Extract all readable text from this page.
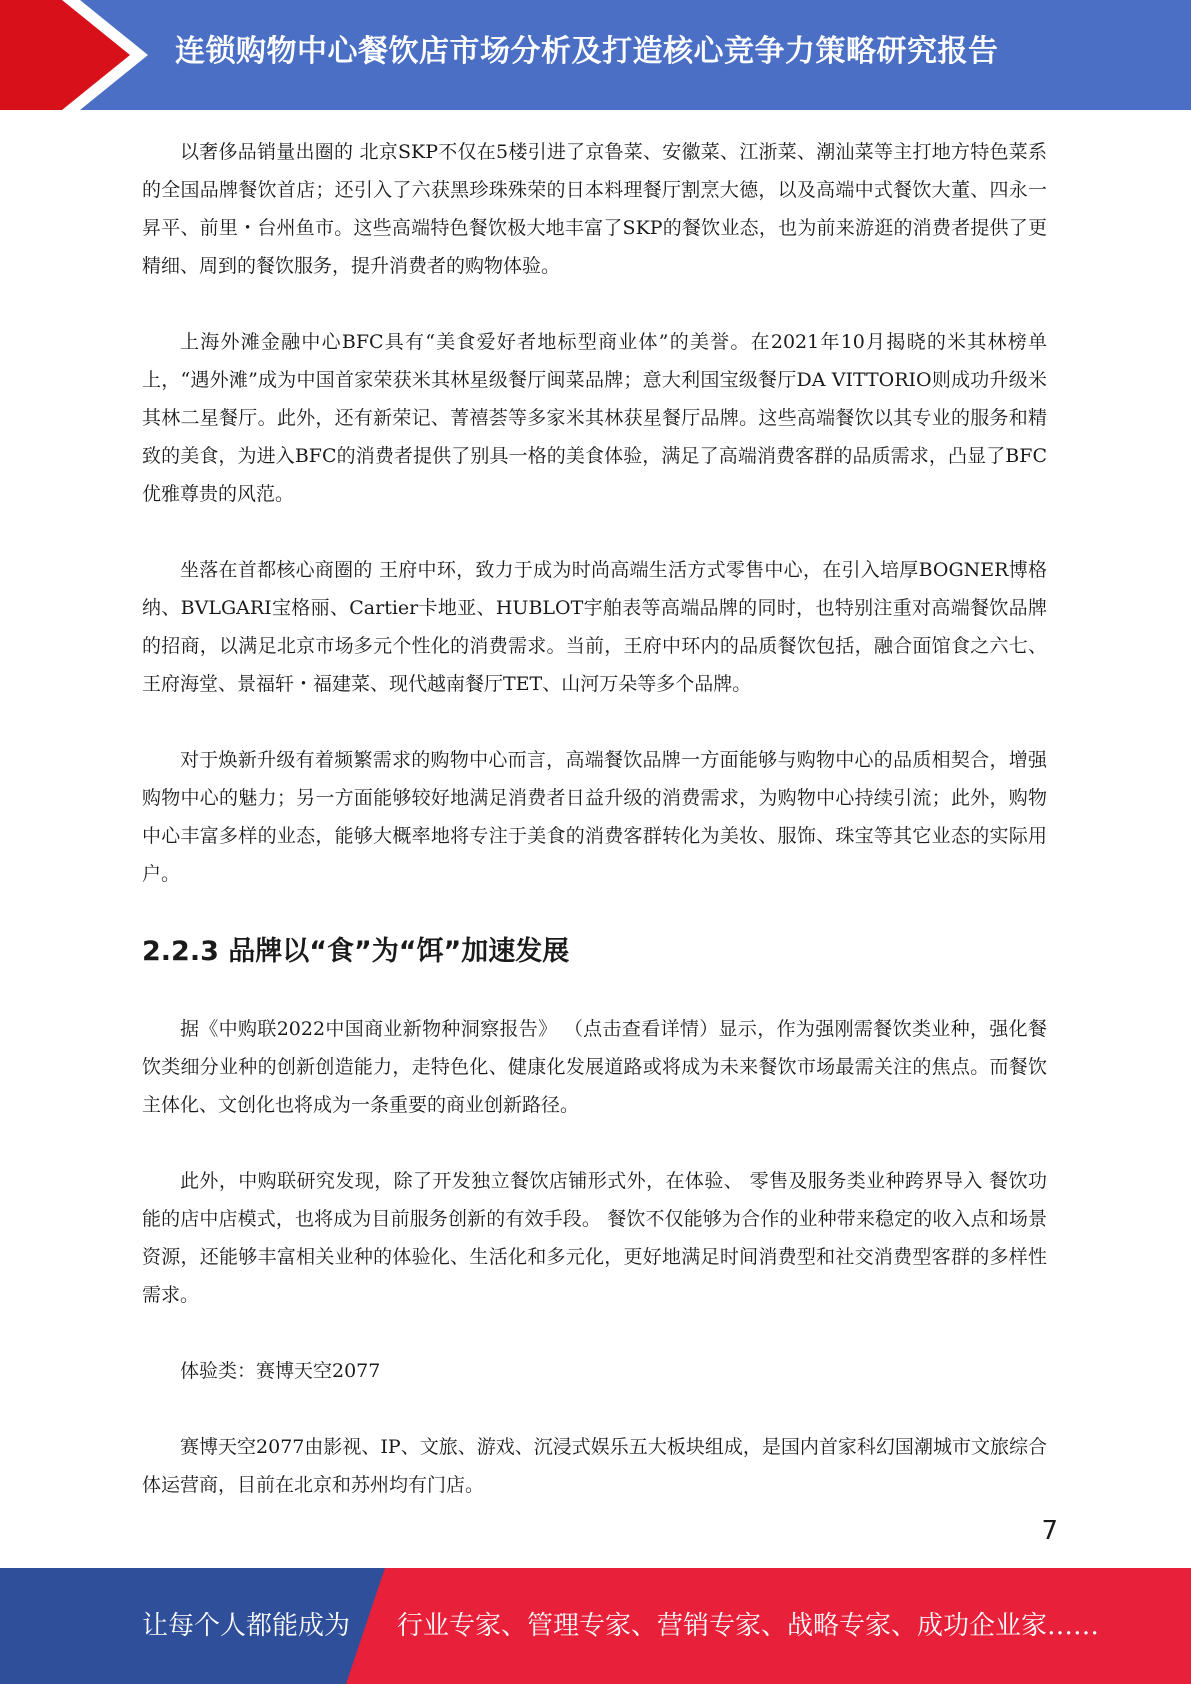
连锁购物中心餐饮店市场分析及打造核心竞争力策略研究报告

以奢侈品销量出圈的 北京SKP不仅在5楼引进了京鲁菜、安徽菜、江浙菜、潮汕菜等主打地方特色菜系的全国品牌餐饮首店；还引入了六获黑珍珠殊荣的日本料理餐厅割烹大德，以及高端中式餐饮大董、四永一昇平、前里・台州鱼市。这些高端特色餐饮极大地丰富了SKP的餐饮业态，也为前来游逛的消费者提供了更精细、周到的餐饮服务，提升消费者的购物体验。

上海外滩金融中心BFC具有“美食爱好者地标型商业体”的美誉。在2021年10月揭晓的米其林榜单上，“遇外滩”成为中国首家荣获米其林星级餐厅闽菜品牌；意大利国宝级餐厅DA VITTORIO则成功升级米其林二星餐厅。此外，还有新荣记、菁禧荟等多家米其林获星餐厅品牌。这些高端餐饮以其专业的服务和精致的美食，为进入BFC的消费者提供了别具一格的美食体验，满足了高端消费客群的品质需求，凸显了BFC优雅尊贵的风范。

坐落在首都核心商圈的 王府中环，致力于成为时尚高端生活方式零售中心，在引入培厚BOGNER博格纳、BVLGARI宝格丽、Cartier卡地亚、HUBLOT宇舶表等高端品牌的同时，也特别注重对高端餐饮品牌的招商，以满足北京市场多元个性化的消费需求。当前，王府中环内的品质餐饮包括，融合面馆食之六七、王府海堂、景福轩・福建菜、现代越南餐厅TET、山河万朵等多个品牌。

对于焕新升级有着频繁需求的购物中心而言，高端餐饮品牌一方面能够与购物中心的品质相契合，增强购物中心的魅力；另一方面能够较好地满足消费者日益升级的消费需求，为购物中心持续引流；此外，购物中心丰富多样的业态，能够大概率地将专注于美食的消费客群转化为美妆、服饰、珠宝等其它业态的实际用户。

2.2.3 品牌以“食”为“饵”加速发展

据《中购联2022中国商业新物种洞察报告》 （点击查看详情）显示，作为强刚需餐饮类业种，强化餐饮类细分业种的创新创造能力，走特色化、健康化发展道路或将成为未来餐饮市场最需关注的焦点。而餐饮主体化、文创化也将成为一条重要的商业创新路径。

此外，中购联研究发现，除了开发独立餐饮店铺形式外，在体验、 零售及服务类业种跨界导入 餐饮功能的店中店模式，也将成为目前服务创新的有效手段。 餐饮不仅能够为合作的业种带来稳定的收入点和场景资源，还能够丰富相关业种的体验化、生活化和多元化，更好地满足时间消费型和社交消费型客群的多样性需求。

体验类：赛博天空2077

赛博天空2077由影视、IP、文旅、游戏、沉浸式娱乐五大板块组成，是国内首家科幻国潮城市文旅综合体运营商，目前在北京和苏州均有门店。

7
让每个人都能成为 行业专家、管理专家、营销专家、战略专家、成功企业家……
